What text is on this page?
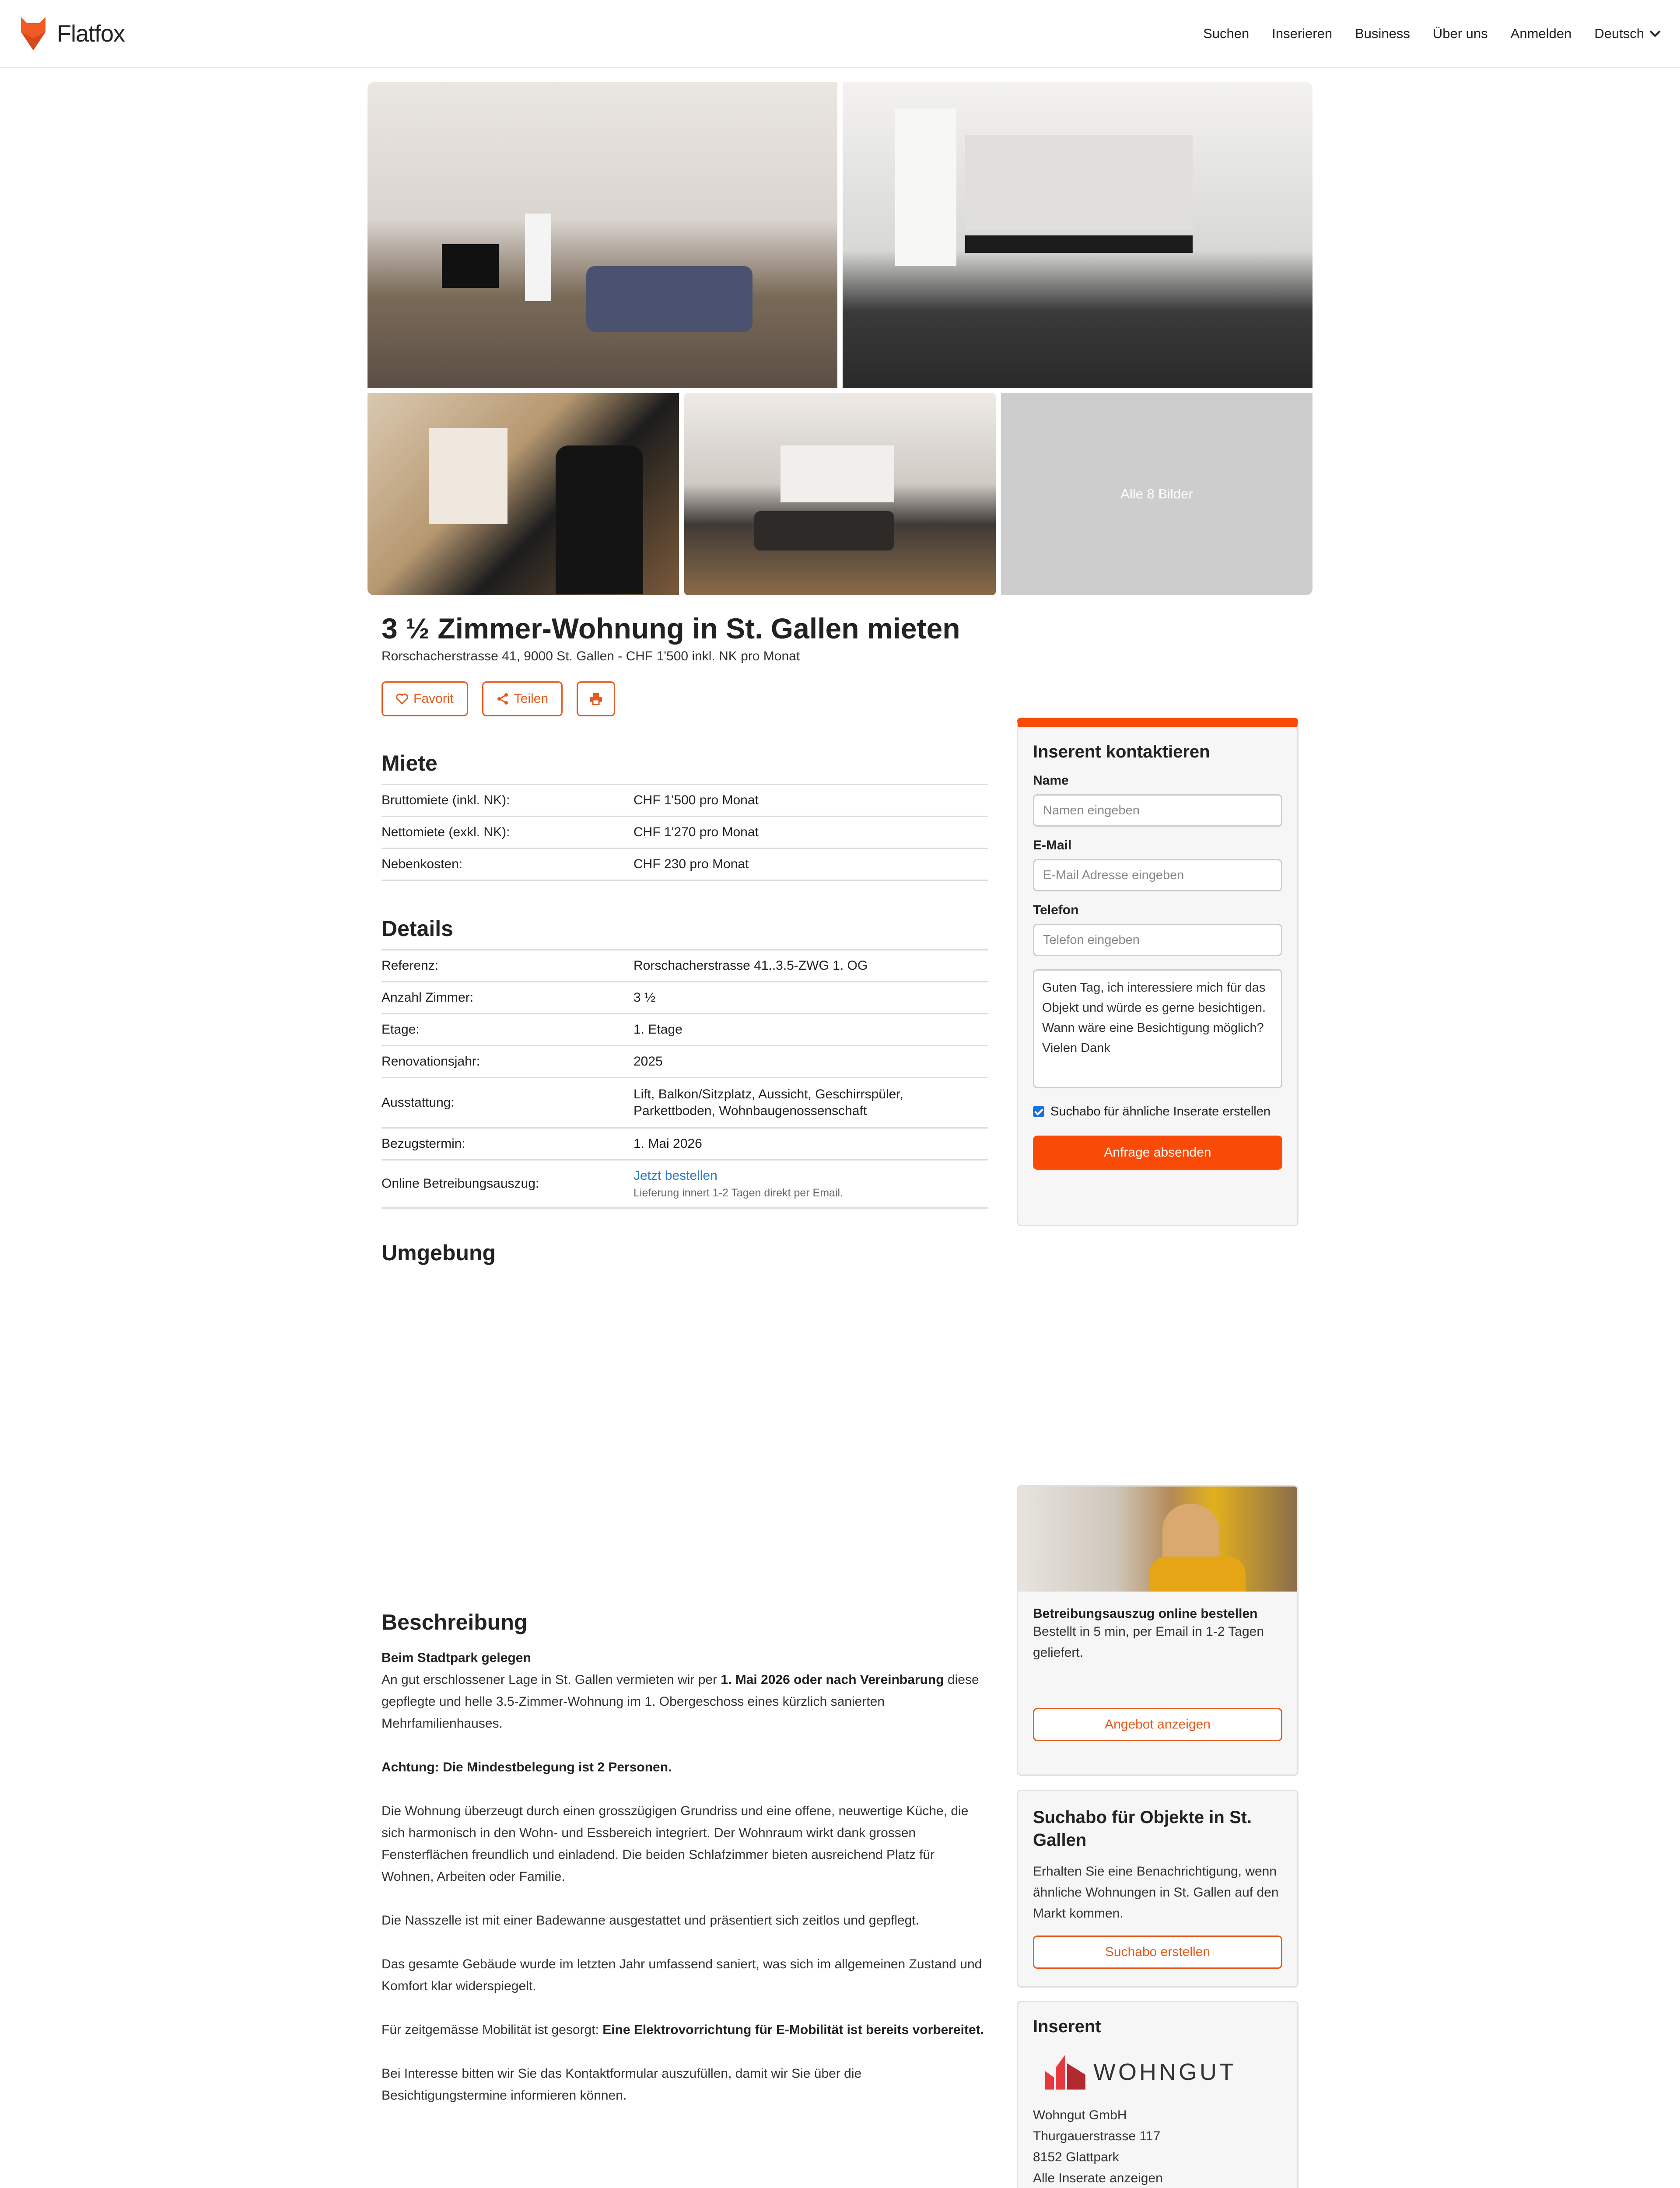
Flatfox	Suchen Inserieren Business Über uns Anmelden Deutsch
Alle 8 Bilder
3 ½ Zimmer-Wohnung in St. Gallen mieten
Rorschacherstrasse 41, 9000 St. Gallen - CHF 1'500 inkl. NK pro Monat
Favorit	Teilen
Miete
Bruttomiete (inkl. NK):	CHF 1'500 pro Monat
Nettomiete (exkl. NK):	CHF 1'270 pro Monat
Nebenkosten:	CHF 230 pro Monat
Details
Referenz:	Rorschacherstrasse 41..3.5-ZWG 1. OG
Anzahl Zimmer:	3 ½
Etage:	1. Etage
Renovationsjahr:	2025
Ausstattung:	Lift, Balkon/Sitzplatz, Aussicht, Geschirrspüler, Parkettboden, Wohnbaugenossenschaft
Bezugstermin:	1. Mai 2026
Online Betreibungsauszug:	Jetzt bestellen
Lieferung innert 1-2 Tagen direkt per Email.
Umgebung
Beschreibung

Beim Stadtpark gelegen
An gut erschlossener Lage in St. Gallen vermieten wir per 1. Mai 2026 oder nach Vereinbarung diese gepflegte und helle 3.5-Zimmer-Wohnung im 1. Obergeschoss eines kürzlich sanierten Mehrfamilienhauses.

Achtung: Die Mindestbelegung ist 2 Personen.

Die Wohnung überzeugt durch einen grosszügigen Grundriss und eine offene, neuwertige Küche, die sich harmonisch in den Wohn- und Essbereich integriert. Der Wohnraum wirkt dank grossen Fensterflächen freundlich und einladend. Die beiden Schlafzimmer bieten ausreichend Platz für Wohnen, Arbeiten oder Familie.

Die Nasszelle ist mit einer Badewanne ausgestattet und präsentiert sich zeitlos und gepflegt.

Das gesamte Gebäude wurde im letzten Jahr umfassend saniert, was sich im allgemeinen Zustand und Komfort klar widerspiegelt.

Für zeitgemässe Mobilität ist gesorgt: Eine Elektrovorrichtung für E-Mobilität ist bereits vorbereitet.

Bei Interesse bitten wir Sie das Kontaktformular auszufüllen, damit wir Sie über die Besichtigungstermine informieren können.

Inserent kontaktieren
Name
Namen eingeben
E-Mail
E-Mail Adresse eingeben
Telefon
Telefon eingeben
Guten Tag, ich interessiere mich für das Objekt und würde es gerne besichtigen. Wann wäre eine Besichtigung möglich? Vielen Dank
Suchabo für ähnliche Inserate erstellen
Anfrage absenden
Betreibungsauszug online bestellen

Bestellt in 5 min, per Email in 1-2 Tagen geliefert.

Angebot anzeigen
Suchabo für Objekte in St. Gallen

Erhalten Sie eine Benachrichtigung, wenn ähnliche Wohnungen in St. Gallen auf den Markt kommen.

Suchabo erstellen
Inserent
WOHNGUT

Wohngut GmbH

Thurgauerstrasse 117

8152 Glattpark

Alle Inserate anzeigen
